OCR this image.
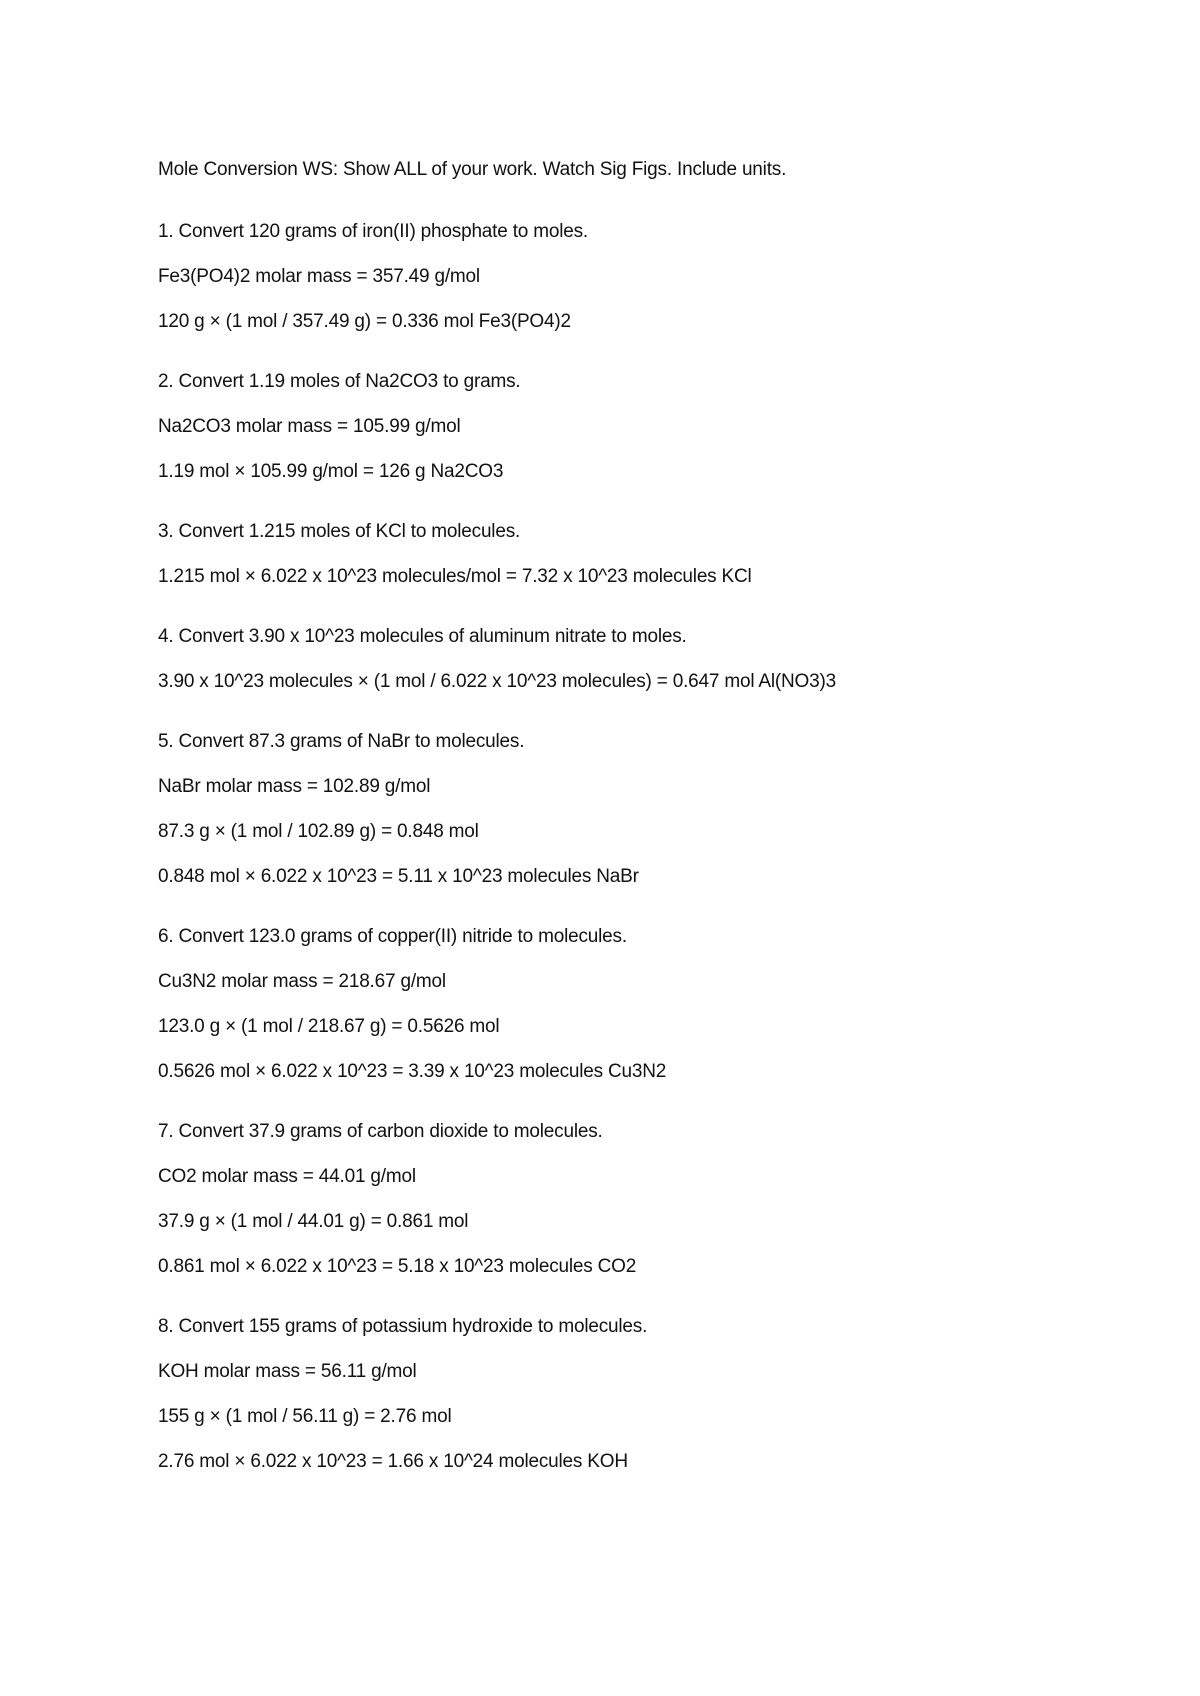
Mole Conversion WS: Show ALL of your work. Watch Sig Figs. Include units.
1. Convert 120 grams of iron(II) phosphate to moles.
Fe3(PO4)2 molar mass = 357.49 g/mol
120 g × (1 mol / 357.49 g) = 0.336 mol Fe3(PO4)2
2. Convert 1.19 moles of Na2CO3 to grams.
Na2CO3 molar mass = 105.99 g/mol
1.19 mol × 105.99 g/mol = 126 g Na2CO3
3. Convert 1.215 moles of KCl to molecules.
1.215 mol × 6.022 x 10^23 molecules/mol = 7.32 x 10^23 molecules KCl
4. Convert 3.90 x 10^23 molecules of aluminum nitrate to moles.
3.90 x 10^23 molecules × (1 mol / 6.022 x 10^23 molecules) = 0.647 mol Al(NO3)3
5. Convert 87.3 grams of NaBr to molecules.
NaBr molar mass = 102.89 g/mol
87.3 g × (1 mol / 102.89 g) = 0.848 mol
0.848 mol × 6.022 x 10^23 = 5.11 x 10^23 molecules NaBr
6. Convert 123.0 grams of copper(II) nitride to molecules.
Cu3N2 molar mass = 218.67 g/mol
123.0 g × (1 mol / 218.67 g) = 0.5626 mol
0.5626 mol × 6.022 x 10^23 = 3.39 x 10^23 molecules Cu3N2
7. Convert 37.9 grams of carbon dioxide to molecules.
CO2 molar mass = 44.01 g/mol
37.9 g × (1 mol / 44.01 g) = 0.861 mol
0.861 mol × 6.022 x 10^23 = 5.18 x 10^23 molecules CO2
8. Convert 155 grams of potassium hydroxide to molecules.
KOH molar mass = 56.11 g/mol
155 g × (1 mol / 56.11 g) = 2.76 mol
2.76 mol × 6.022 x 10^23 = 1.66 x 10^24 molecules KOH
